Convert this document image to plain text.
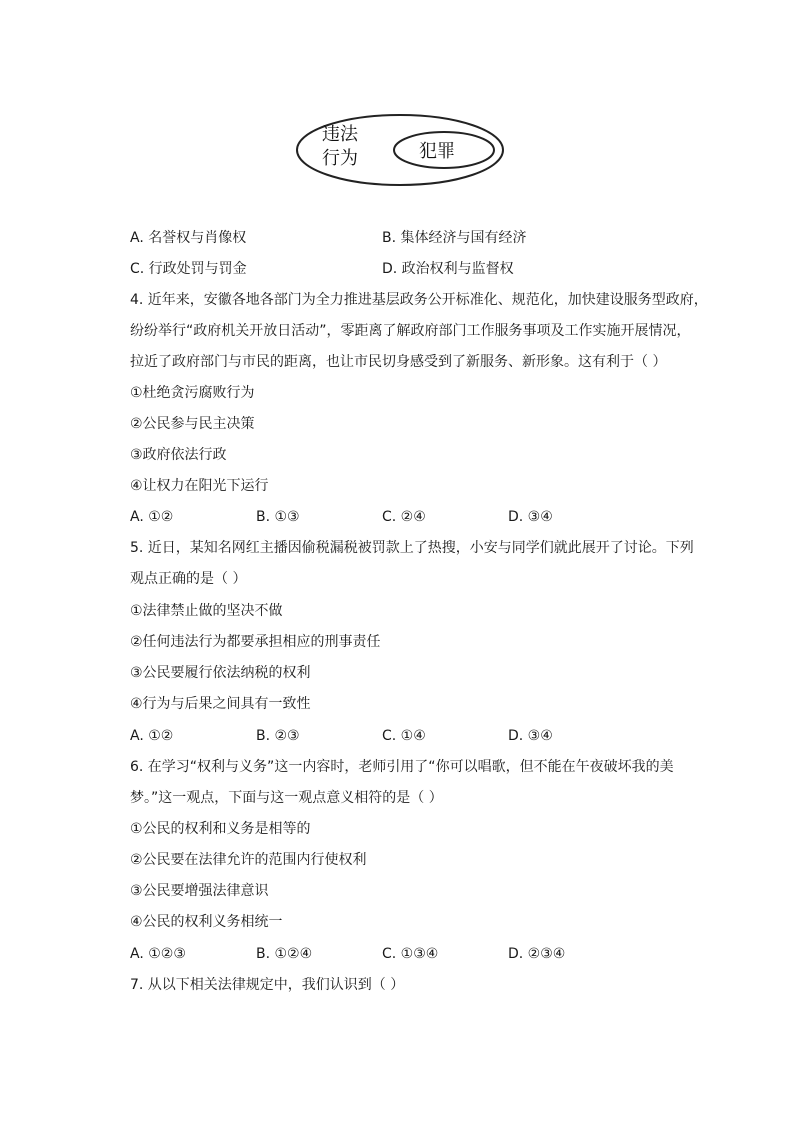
违法
行为	犯罪
A. 名誉权与肖像权	B. 集体经济与国有经济
C. 行政处罚与罚金	D. 政治权利与监督权
4. 近年来，安徽各地各部门为全力推进基层政务公开标准化、规范化，加快建设服务型政府，
纷纷举行“政府机关开放日活动”，零距离了解政府部门工作服务事项及工作实施开展情况，
拉近了政府部门与市民的距离，也让市民切身感受到了新服务、新形象。这有利于（ ）
①杜绝贪污腐败行为
②公民参与民主决策
③政府依法行政
④让权力在阳光下运行
A. ①②	B. ①③	C. ②④	D. ③④
5. 近日，某知名网红主播因偷税漏税被罚款上了热搜，小安与同学们就此展开了讨论。下列
观点正确的是（ ）
①法律禁止做的坚决不做
②任何违法行为都要承担相应的刑事责任
③公民要履行依法纳税的权利
④行为与后果之间具有一致性
A. ①②	B. ②③	C. ①④	D. ③④
6. 在学习“权利与义务”这一内容时，老师引用了“你可以唱歌，但不能在午夜破坏我的美
梦。”这一观点，下面与这一观点意义相符的是（ ）
①公民的权利和义务是相等的
②公民要在法律允许的范围内行使权利
③公民要增强法律意识
④公民的权利义务相统一
A. ①②③	B. ①②④	C. ①③④	D. ②③④
7. 从以下相关法律规定中，我们认识到（ ）
